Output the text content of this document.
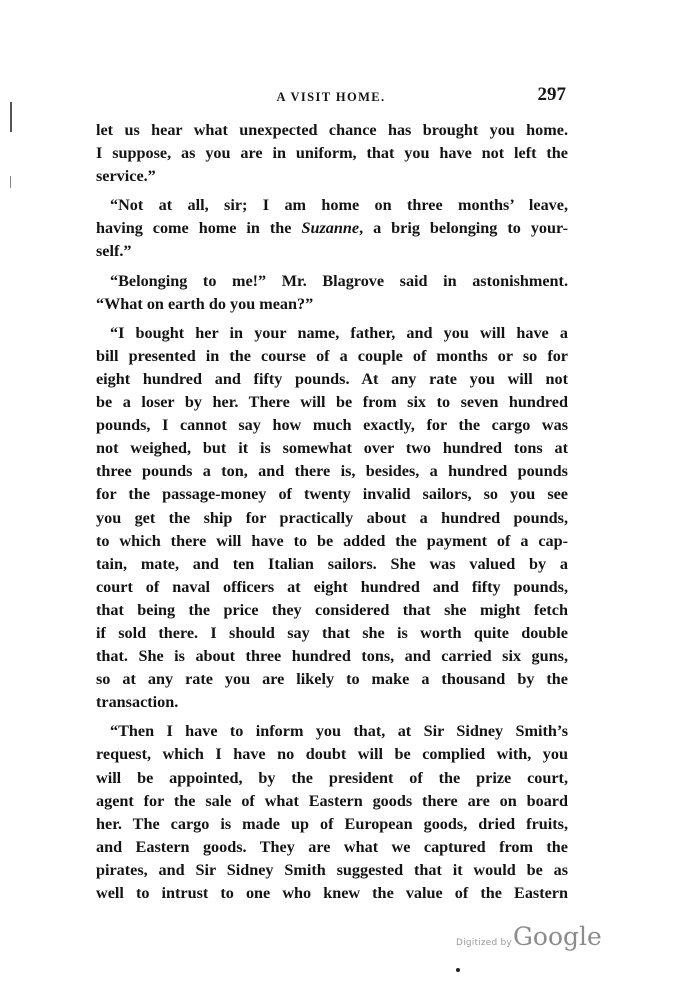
A VISIT HOME.	297
let us hear what unexpected chance has brought you home.
I suppose, as you are in uniform, that you have not left the
service.”
“Not at all, sir; I am home on three months’ leave,
having come home in the Suzanne, a brig belonging to your-
self.”
“Belonging to me!” Mr. Blagrove said in astonishment.
“What on earth do you mean?”
“I bought her in your name, father, and you will have a
bill presented in the course of a couple of months or so for
eight hundred and fifty pounds. At any rate you will not
be a loser by her. There will be from six to seven hundred
pounds, I cannot say how much exactly, for the cargo was
not weighed, but it is somewhat over two hundred tons at
three pounds a ton, and there is, besides, a hundred pounds
for the passage-money of twenty invalid sailors, so you see
you get the ship for practically about a hundred pounds,
to which there will have to be added the payment of a cap-
tain, mate, and ten Italian sailors. She was valued by a
court of naval officers at eight hundred and fifty pounds,
that being the price they considered that she might fetch
if sold there. I should say that she is worth quite double
that. She is about three hundred tons, and carried six guns,
so at any rate you are likely to make a thousand by the
transaction.
“Then I have to inform you that, at Sir Sidney Smith’s
request, which I have no doubt will be complied with, you
will be appointed, by the president of the prize court,
agent for the sale of what Eastern goods there are on board
her. The cargo is made up of European goods, dried fruits,
and Eastern goods. They are what we captured from the
pirates, and Sir Sidney Smith suggested that it would be as
well to intrust to one who knew the value of the Eastern
Digitized byGoogle
